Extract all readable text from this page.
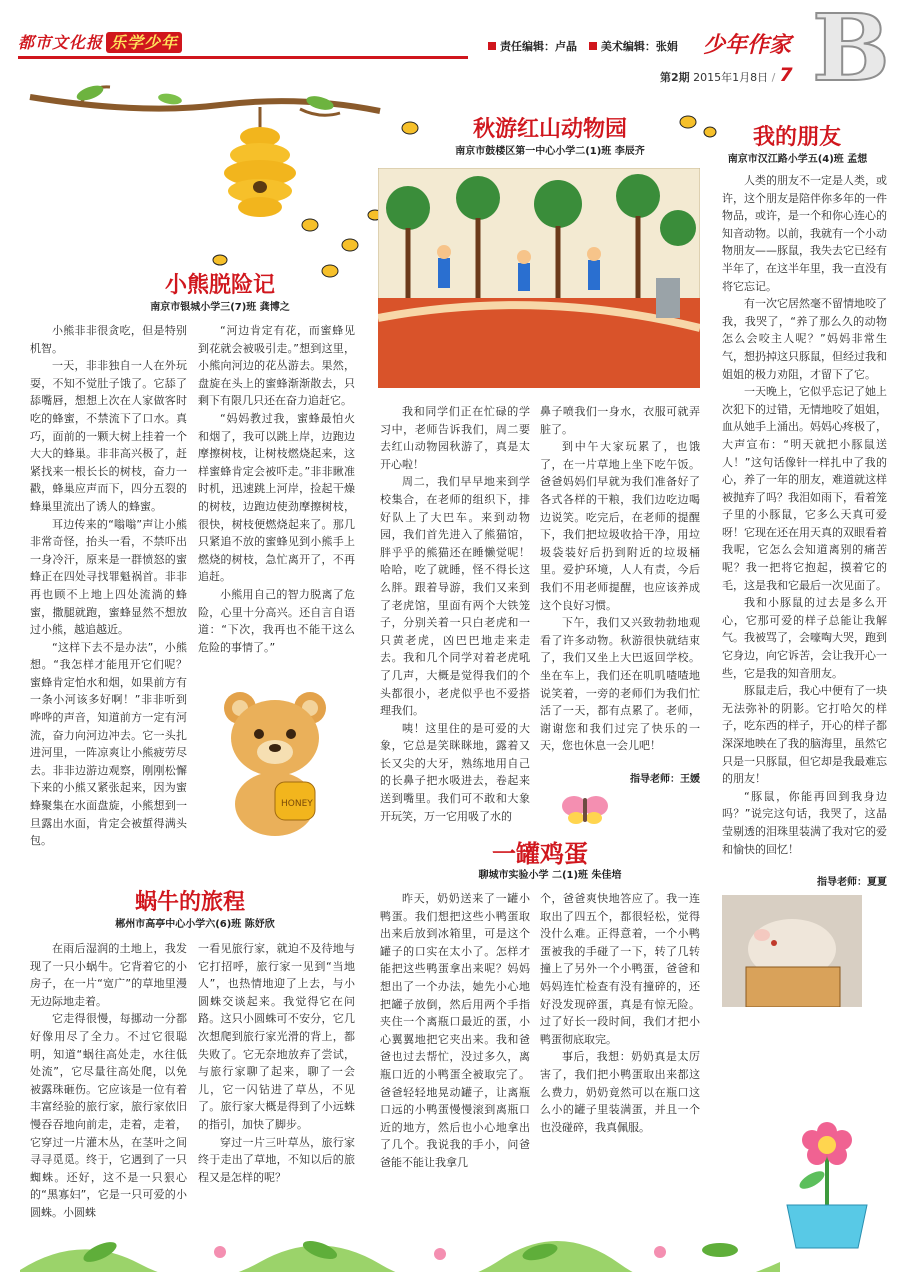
都市文化报 乐学少年	责任编辑：卢晶 美术编辑：张娟 少年作家
第2期 2015年1月8日 / 7 B
HONEY
小熊脱险记
南京市银城小学三(7)班 龚博之

小熊非非很贪吃，但是特别机智。

一天，非非独自一人在外玩耍，不知不觉肚子饿了。它舔了舔嘴唇，想想上次在人家做客时吃的蜂蜜，不禁流下了口水。真巧，面前的一颗大树上挂着一个大大的蜂巢。非非高兴极了，赶紧找来一根长长的树枝，奋力一戳，蜂巢应声而下，四分五裂的蜂巢里流出了诱人的蜂蜜。

耳边传来的“嗡嗡”声让小熊非常奇怪，抬头一看，不禁吓出一身冷汗，原来是一群愤怒的蜜蜂正在四处寻找罪魁祸首。非非再也顾不上地上四处流淌的蜂蜜，撒腿就跑，蜜蜂显然不想放过小熊，越追越近。

“这样下去不是办法”，小熊想。“我怎样才能甩开它们呢？蜜蜂肯定怕水和烟，如果前方有一条小河该多好啊！”非非听到哗哗的声音，知道前方一定有河流，奋力向河边冲去。它一头扎进河里，一阵凉爽让小熊疲劳尽去。非非边游边观察，刚刚松懈下来的小熊又紧张起来，因为蜜蜂聚集在水面盘旋，小熊想到一旦露出水面，肯定会被蜇得满头包。

“河边肯定有花，而蜜蜂见到花就会被吸引走。”想到这里，小熊向河边的花丛游去。果然，盘旋在头上的蜜蜂渐渐散去，只剩下有限几只还在奋力追赶它。

“妈妈教过我，蜜蜂最怕火和烟了，我可以跳上岸，边跑边摩擦树枝，让树枝燃烧起来，这样蜜蜂肯定会被吓走。”非非瞅准时机，迅速跳上河岸，捡起干燥的树枝，边跑边使劲摩擦树枝，很快，树枝便燃烧起来了。那几只紧追不放的蜜蜂见到小熊手上燃烧的树枝，急忙离开了，不再追赶。

小熊用自己的智力脱离了危险，心里十分高兴。还自言自语道：“下次，我再也不能干这么危险的事情了。”

秋游红山动物园
南京市鼓楼区第一中心小学二(1)班 李辰齐

我和同学们正在忙碌的学习中，老师告诉我们，周二要去红山动物园秋游了，真是太开心啦！

周二，我们早早地来到学校集合，在老师的组织下，排好队上了大巴车。来到动物园，我们首先进入了熊猫馆，胖乎乎的熊猫还在睡懒觉呢！哈哈，吃了就睡，怪不得长这么胖。跟着导游，我们又来到了老虎馆，里面有两个大铁笼子，分别关着一只白老虎和一只黄老虎，凶巴巴地走来走去。我和几个同学对着老虎吼了几声，大概是觉得我们的个头都很小，老虎似乎也不爱搭理我们。

咦！这里住的是可爱的大象，它总是笑眯眯地，露着又长又尖的大牙，熟练地用自己的长鼻子把水吸进去，卷起来送到嘴里。我们可不敢和大象开玩笑，万一它用吸了水的

鼻子喷我们一身水，衣服可就弄脏了。

到中午大家玩累了，也饿了，在一片草地上坐下吃午饭。爸爸妈妈们早就为我们准备好了各式各样的干粮，我们边吃边喝边说笑。吃完后，在老师的提醒下，我们把垃圾收拾干净，用垃圾袋装好后扔到附近的垃圾桶里。爱护环境，人人有责，今后我们不用老师提醒，也应该养成这个良好习惯。

下午，我们又兴致勃勃地观看了许多动物。秋游很快就结束了，我们又坐上大巴返回学校。坐在车上，我们还在叽叽喳喳地说笑着，一旁的老师们为我们忙活了一天，都有点累了。老师，谢谢您和我们过完了快乐的一天，您也休息一会儿吧！

指导老师：王媛
我的朋友
南京市汉江路小学五(4)班 孟想

人类的朋友不一定是人类，或许，这个朋友是陪伴你多年的一件物品，或许，是一个和你心连心的知音动物。以前，我就有一个小动物朋友——豚鼠，我失去它已经有半年了，在这半年里，我一直没有将它忘记。

有一次它居然毫不留情地咬了我，我哭了，“养了那么久的动物怎么会咬主人呢？”妈妈非常生气，想扔掉这只豚鼠，但经过我和姐姐的极力劝阻，才留下了它。

一天晚上，它似乎忘记了她上次犯下的过错，无情地咬了姐姐，血从她手上涌出。妈妈心疼极了，大声宣布：“明天就把小豚鼠送人！”这句话像针一样扎中了我的心，养了一年的朋友，难道就这样被抛弃了吗？我泪如雨下，看着笼子里的小豚鼠，它多么天真可爱呀！它现在还在用天真的双眼看着我呢，它怎么会知道离别的痛苦呢？我一把将它抱起，摸着它的毛，这是我和它最后一次见面了。

我和小豚鼠的过去是多么开心，它那可爱的样子总能让我解气。我被骂了，会嚎啕大哭，跑到它身边，向它诉苦，会让我开心一些，它是我的知音朋友。

豚鼠走后，我心中便有了一块无法弥补的阴影。它打哈欠的样子，吃东西的样子，开心的样子都深深地映在了我的脑海里，虽然它只是一只豚鼠，但它却是我最难忘的朋友！

“豚鼠，你能再回到我身边吗？”说完这句话，我哭了，这晶莹剔透的泪珠里装满了我对它的爱和愉快的回忆！

指导老师：夏夏
蜗牛的旅程
郴州市高亭中心小学六(6)班 陈妤欣

在雨后湿润的土地上，我发现了一只小蜗牛。它背着它的小房子，在一片“宽广”的草地里漫无边际地走着。

它走得很慢，每挪动一分都好像用尽了全力。不过它很聪明，知道“蜗往高处走，水往低处流”，它尽量往高处爬，以免被露珠砸伤。它应该是一位有着丰富经验的旅行家，旅行家依旧慢吞吞地向前走，走着，走着，它穿过一片灌木丛，在茎叶之间寻寻觅觅。终于，它遇到了一只蜘蛛。还好，这不是一只狠心的“黑寡妇”，它是一只可爱的小圆蛛。小圆蛛

一看见旅行家，就迫不及待地与它打招呼，旅行家一见到“当地人”，也热情地迎了上去，与小圆蛛交谈起来。我觉得它在问路。这只小圆蛛可不安分，它几次想爬到旅行家光滑的背上，都失败了。它无奈地放弃了尝试，与旅行家聊了起来，聊了一会儿，它一闪钻进了草丛，不见了。旅行家大概是得到了小远蛛的指引，加快了脚步。

穿过一片三叶草丛，旅行家终于走出了草地，不知以后的旅程又是怎样的呢？

一罐鸡蛋
聊城市实验小学 二(1)班 朱佳培

昨天，奶奶送来了一罐小鸭蛋。我们想把这些小鸭蛋取出来后放到冰箱里，可是这个罐子的口实在太小了。怎样才能把这些鸭蛋拿出来呢？妈妈想出了一个办法，她先小心地把罐子放倒，然后用两个手指夹住一个离瓶口最近的蛋，小心翼翼地把它夹出来。我和爸爸也过去帮忙，没过多久，离瓶口近的小鸭蛋全被取完了。爸爸轻轻地晃动罐子，让离瓶口远的小鸭蛋慢慢滚到离瓶口近的地方，然后也小心地拿出了几个。我说我的手小，问爸爸能不能让我拿几

个，爸爸爽快地答应了。我一连取出了四五个，都很轻松，觉得没什么难。正得意着，一个小鸭蛋被我的手碰了一下，转了几转撞上了另外一个小鸭蛋，爸爸和妈妈连忙检查有没有撞碎的，还好没发现碎蛋，真是有惊无险。过了好长一段时间，我们才把小鸭蛋彻底取完。

事后，我想：奶奶真是太厉害了，我们把小鸭蛋取出来都这么费力，奶奶竟然可以在瓶口这么小的罐子里装满蛋，并且一个也没碰碎，我真佩服。
